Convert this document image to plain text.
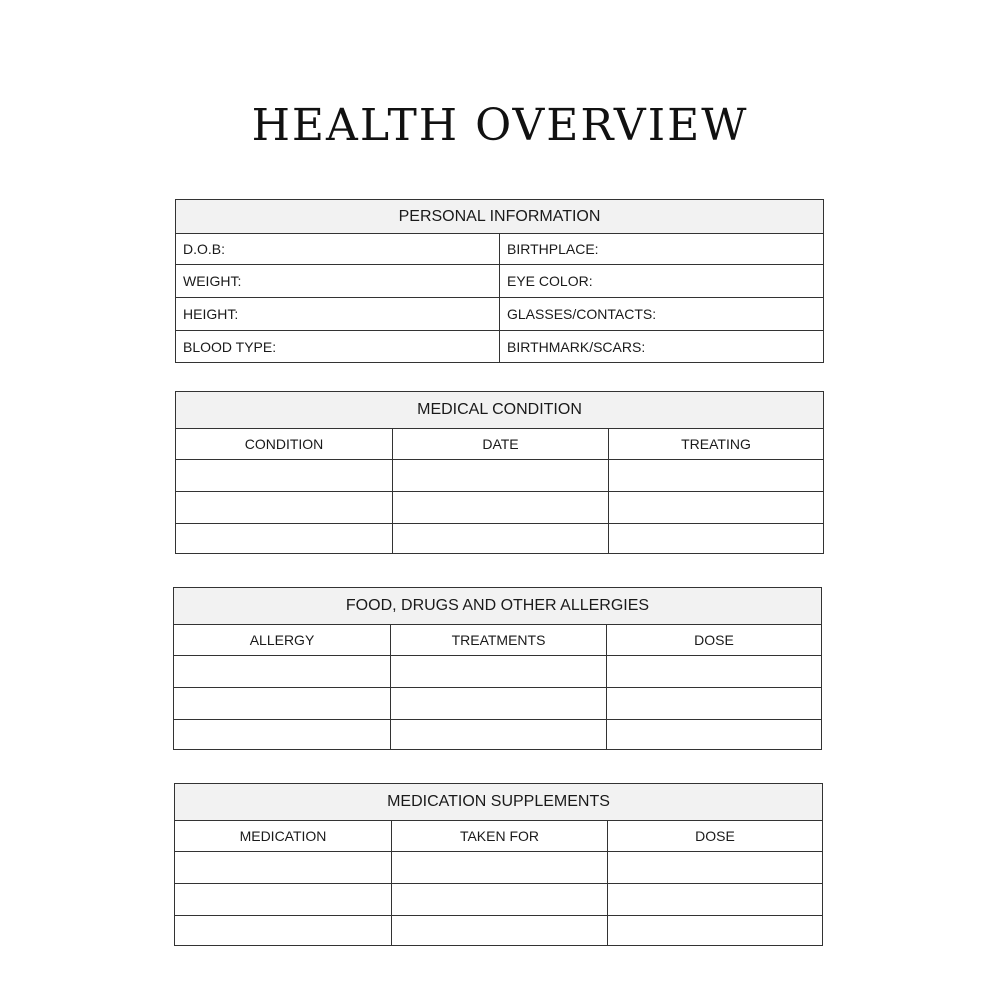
HEALTH OVERVIEW
PERSONAL INFORMATION	
D.O.B:	BIRTHPLACE:
WEIGHT:	EYE COLOR:
HEIGHT:	GLASSES/CONTACTS:
BLOOD TYPE:	BIRTHMARK/SCARS:
MEDICAL CONDITION		
CONDITION	DATE	TREATING

FOOD, DRUGS AND OTHER ALLERGIES		
ALLERGY	TREATMENTS	DOSE

MEDICATION SUPPLEMENTS		
MEDICATION	TAKEN FOR	DOSE
